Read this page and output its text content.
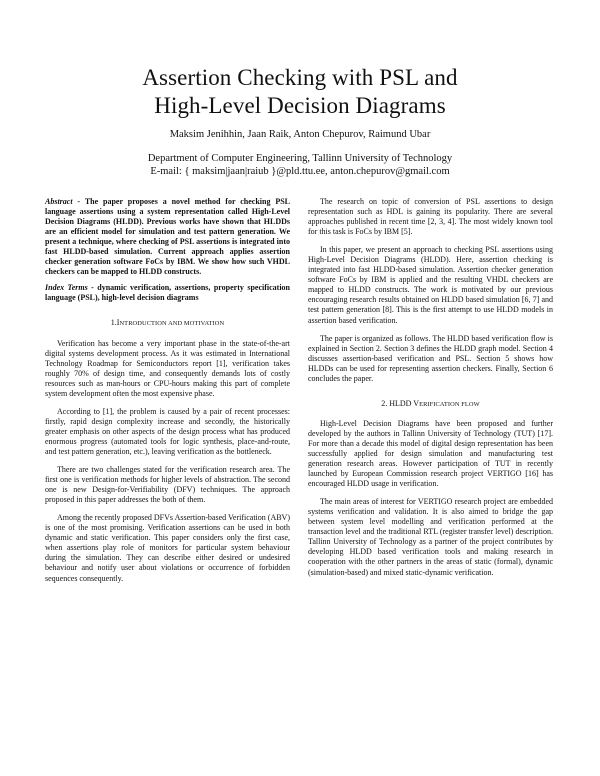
Assertion Checking with PSL and
High-Level Decision Diagrams
Maksim Jenihhin, Jaan Raik, Anton Chepurov, Raimund Ubar
Department of Computer Engineering, Tallinn University of Technology
E-mail: { maksim|jaan|raiub }@pld.ttu.ee, anton.chepurov@gmail.com
Abstract - The paper proposes a novel method for checking PSL language assertions using a system representation called High-Level Decision Diagrams (HLDD). Previous works have shown that HLDDs are an efficient model for simulation and test pattern generation. We present a technique, where checking of PSL assertions is integrated into fast HLDD-based simulation. Current approach applies assertion checker generation software FoCs by IBM. We show how such VHDL checkers can be mapped to HLDD constructs.
Index Terms - dynamic verification, assertions, property specification language (PSL), high-level decision diagrams
1.INTRODUCTION AND MOTIVATION
Verification has become a very important phase in the state-of-the-art digital systems development process. As it was estimated in International Technology Roadmap for Semiconductors report [1], verification takes roughly 70% of design time, and consequently demands lots of costly resources such as man-hours or CPU-hours making this part of complete system development often the most expensive phase.
According to [1], the problem is caused by a pair of recent processes: firstly, rapid design complexity increase and secondly, the historically greater emphasis on other aspects of the design process what has produced enormous progress (automated tools for logic synthesis, place-and-route, and test pattern generation, etc.), leaving verification as the bottleneck.
There are two challenges stated for the verification research area. The first one is verification methods for higher levels of abstraction. The second one is new Design-for-Verifiability (DFV) techniques. The approach proposed in this paper addresses the both of them.
Among the recently proposed DFVs Assertion-based Verification (ABV) is one of the most promising. Verification assertions can be used in both dynamic and static verification. This paper considers only the first case, when assertions play role of monitors for particular system behaviour during the simulation. They can describe either desired or undesired behaviour and notify user about violations or occurrence of forbidden sequences consequently.
The research on topic of conversion of PSL assertions to design representation such as HDL is gaining its popularity. There are several approaches published in recent time [2, 3, 4]. The most widely known tool for this task is FoCs by IBM [5].
In this paper, we present an approach to checking PSL assertions using High-Level Decision Diagrams (HLDD). Here, assertion checking is integrated into fast HLDD-based simulation. Assertion checker generation software FoCs by IBM is applied and the resulting VHDL checkers are mapped to HLDD constructs. The work is motivated by our previous encouraging research results obtained on HLDD based simulation [6, 7] and test pattern generation [8]. This is the first attempt to use HLDD models in assertion based verification.
The paper is organized as follows. The HLDD based verification flow is explained in Section 2. Section 3 defines the HLDD graph model. Section 4 discusses assertion-based verification and PSL. Section 5 shows how HLDDs can be used for representing assertion checkers. Finally, Section 6 concludes the paper.
2. HLDD VERIFICATION FLOW
High-Level Decision Diagrams have been proposed and further developed by the authors in Tallinn University of Technology (TUT) [17]. For more than a decade this model of digital design representation has been successfully applied for design simulation and manufacturing test generation research areas. However participation of TUT in recently launched by European Commission research project VERTIGO [16] has encouraged HLDD usage in verification.
The main areas of interest for VERTIGO research project are embedded systems verification and validation. It is also aimed to bridge the gap between system level modelling and verification performed at the transaction level and the traditional RTL (register transfer level) description. Tallinn University of Technology as a partner of the project contributes by developing HLDD based verification tools and making research in cooperation with the other partners in the areas of static (formal), dynamic (simulation-based) and mixed static-dynamic verification.
